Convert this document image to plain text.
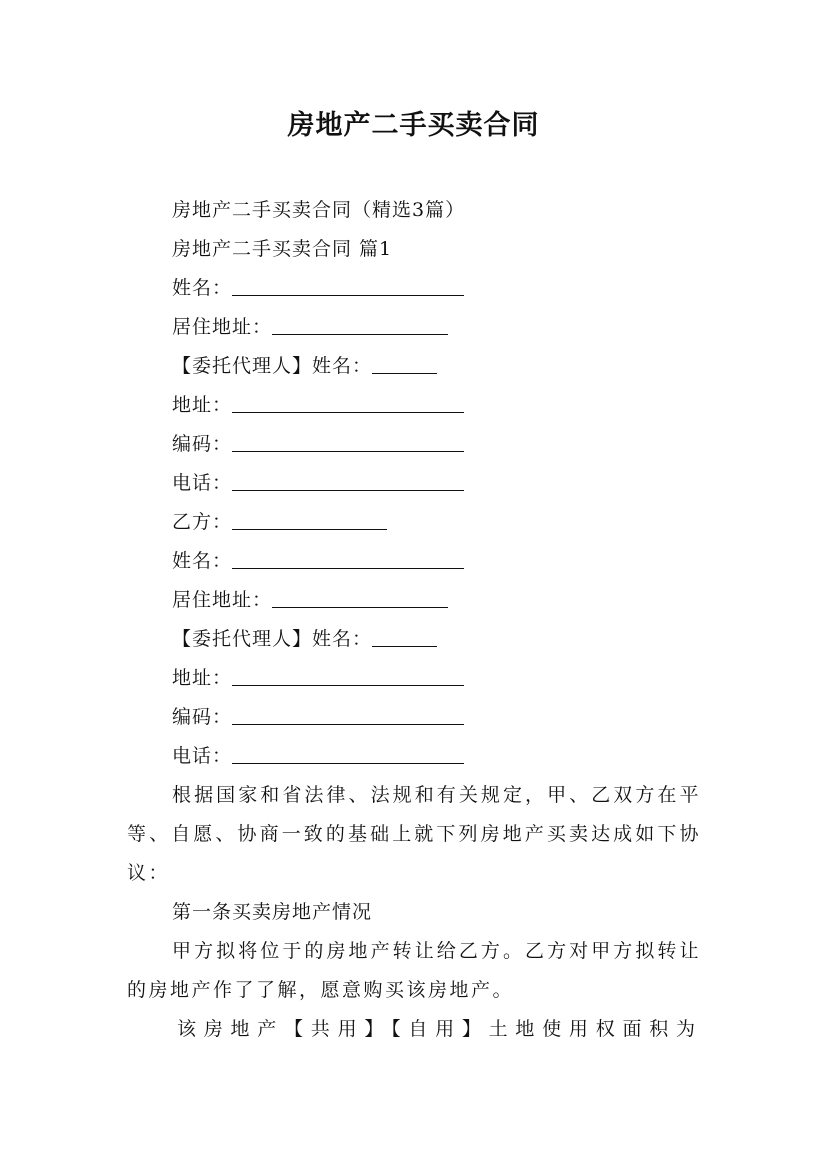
房地产二手买卖合同
房地产二手买卖合同（精选3篇）
房地产二手买卖合同 篇1
姓名：
居住地址：
【委托代理人】姓名：
地址：
编码：
电话：
乙方：
姓名：
居住地址：
【委托代理人】姓名：
地址：
编码：
电话：
根据国家和省法律、法规和有关规定，甲、乙双方在平等、自愿、协商一致的基础上就下列房地产买卖达成如下协议：
第一条买卖房地产情况
甲方拟将位于的房地产转让给乙方。乙方对甲方拟转让的房地产作了了解，愿意购买该房地产。
该房地产【共用】【自用】土地使用权面积为
